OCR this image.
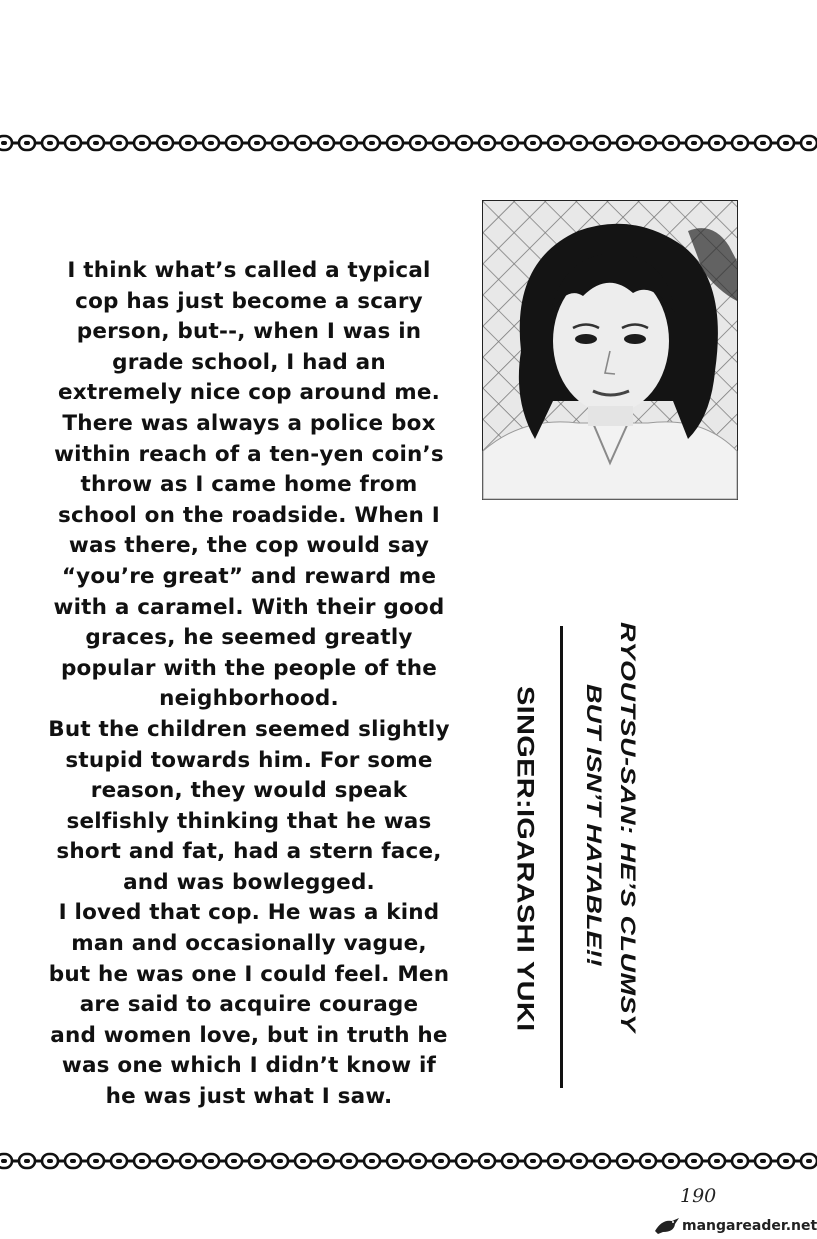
I think what’s called a typical
cop has just become a scary
person, but--, when I was in
grade school, I had an
extremely nice cop around me.
There was always a police box
within reach of a ten-yen coin’s
throw as I came home from
school on the roadside. When I
was there, the cop would say
“you’re great” and reward me
with a caramel. With their good
graces, he seemed greatly
popular with the people of the
neighborhood.
But the children seemed slightly
stupid towards him. For some
reason, they would speak
selfishly thinking that he was
short and fat, had a stern face,
and was bowlegged.
I loved that cop. He was a kind
man and occasionally vague,
but he was one I could feel. Men
are said to acquire courage
and women love, but in truth he
was one which I didn’t know if
he was just what I saw.
RYOUTSU-SAN: HE’S CLUMSY
BUT ISN’T HATABLE!!
SINGER:IGARASHI YUKI
190
mangareader.net
